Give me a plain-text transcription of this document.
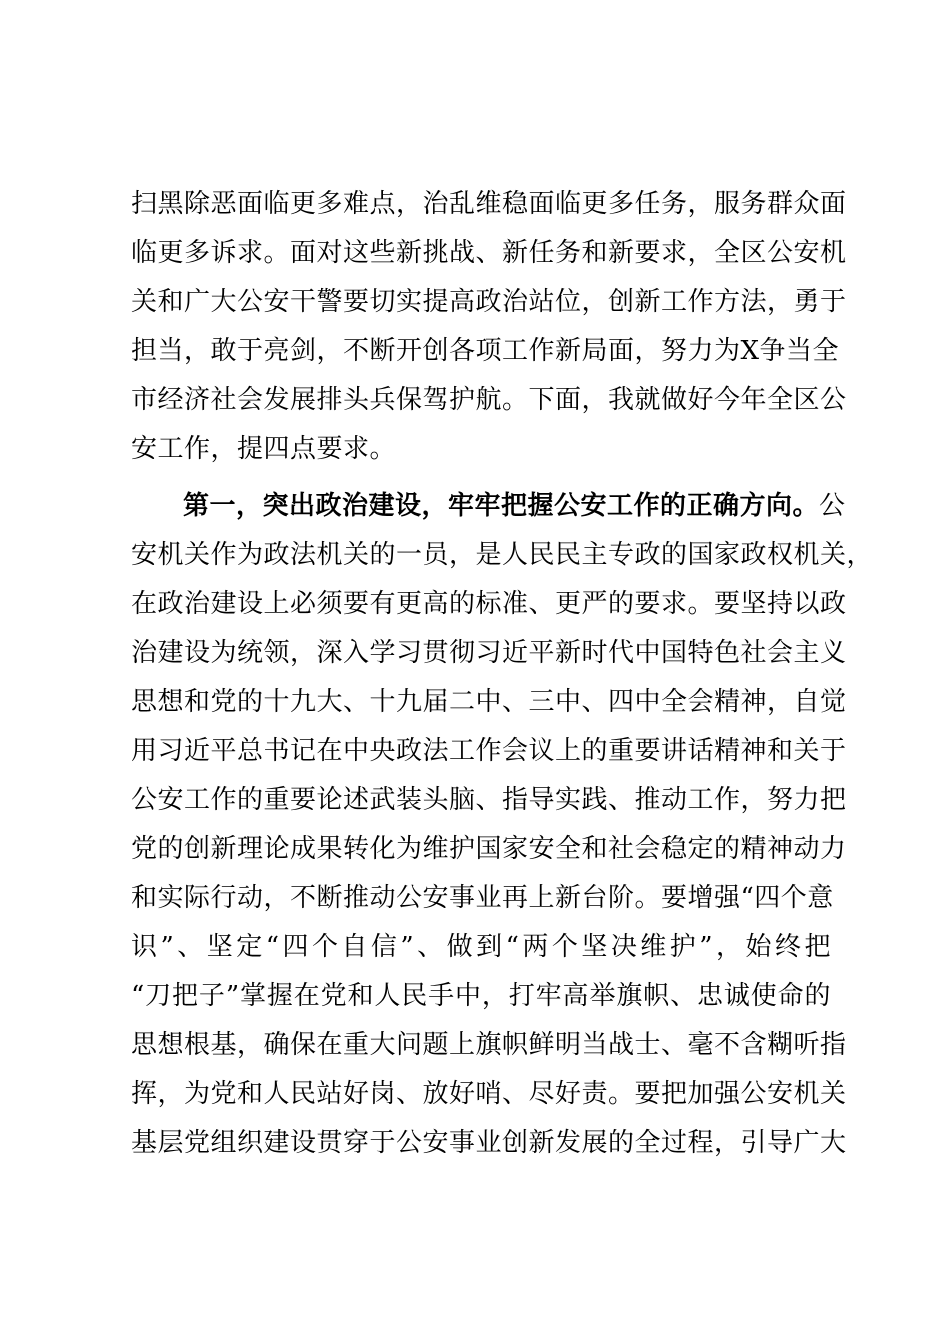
扫黑除恶面临更多难点，治乱维稳面临更多任务，服务群众面
临更多诉求。面对这些新挑战、新任务和新要求，全区公安机
关和广大公安干警要切实提高政治站位，创新工作方法，勇于
担当，敢于亮剑，不断开创各项工作新局面，努力为X争当全
市经济社会发展排头兵保驾护航。下面，我就做好今年全区公
安工作，提四点要求。
第一，突出政治建设，牢牢把握公安工作的正确方向。公
安机关作为政法机关的一员，是人民民主专政的国家政权机关，
在政治建设上必须要有更高的标准、更严的要求。要坚持以政
治建设为统领，深入学习贯彻习近平新时代中国特色社会主义
思想和党的十九大、十九届二中、三中、四中全会精神，自觉
用习近平总书记在中央政法工作会议上的重要讲话精神和关于
公安工作的重要论述武装头脑、指导实践、推动工作，努力把
党的创新理论成果转化为维护国家安全和社会稳定的精神动力
和实际行动，不断推动公安事业再上新台阶。要增强“四个意
识”、坚定“四个自信”、做到“两个坚决维护”，始终把
“刀把子”掌握在党和人民手中，打牢高举旗帜、忠诚使命的
思想根基，确保在重大问题上旗帜鲜明当战士、毫不含糊听指
挥，为党和人民站好岗、放好哨、尽好责。要把加强公安机关
基层党组织建设贯穿于公安事业创新发展的全过程，引导广大
